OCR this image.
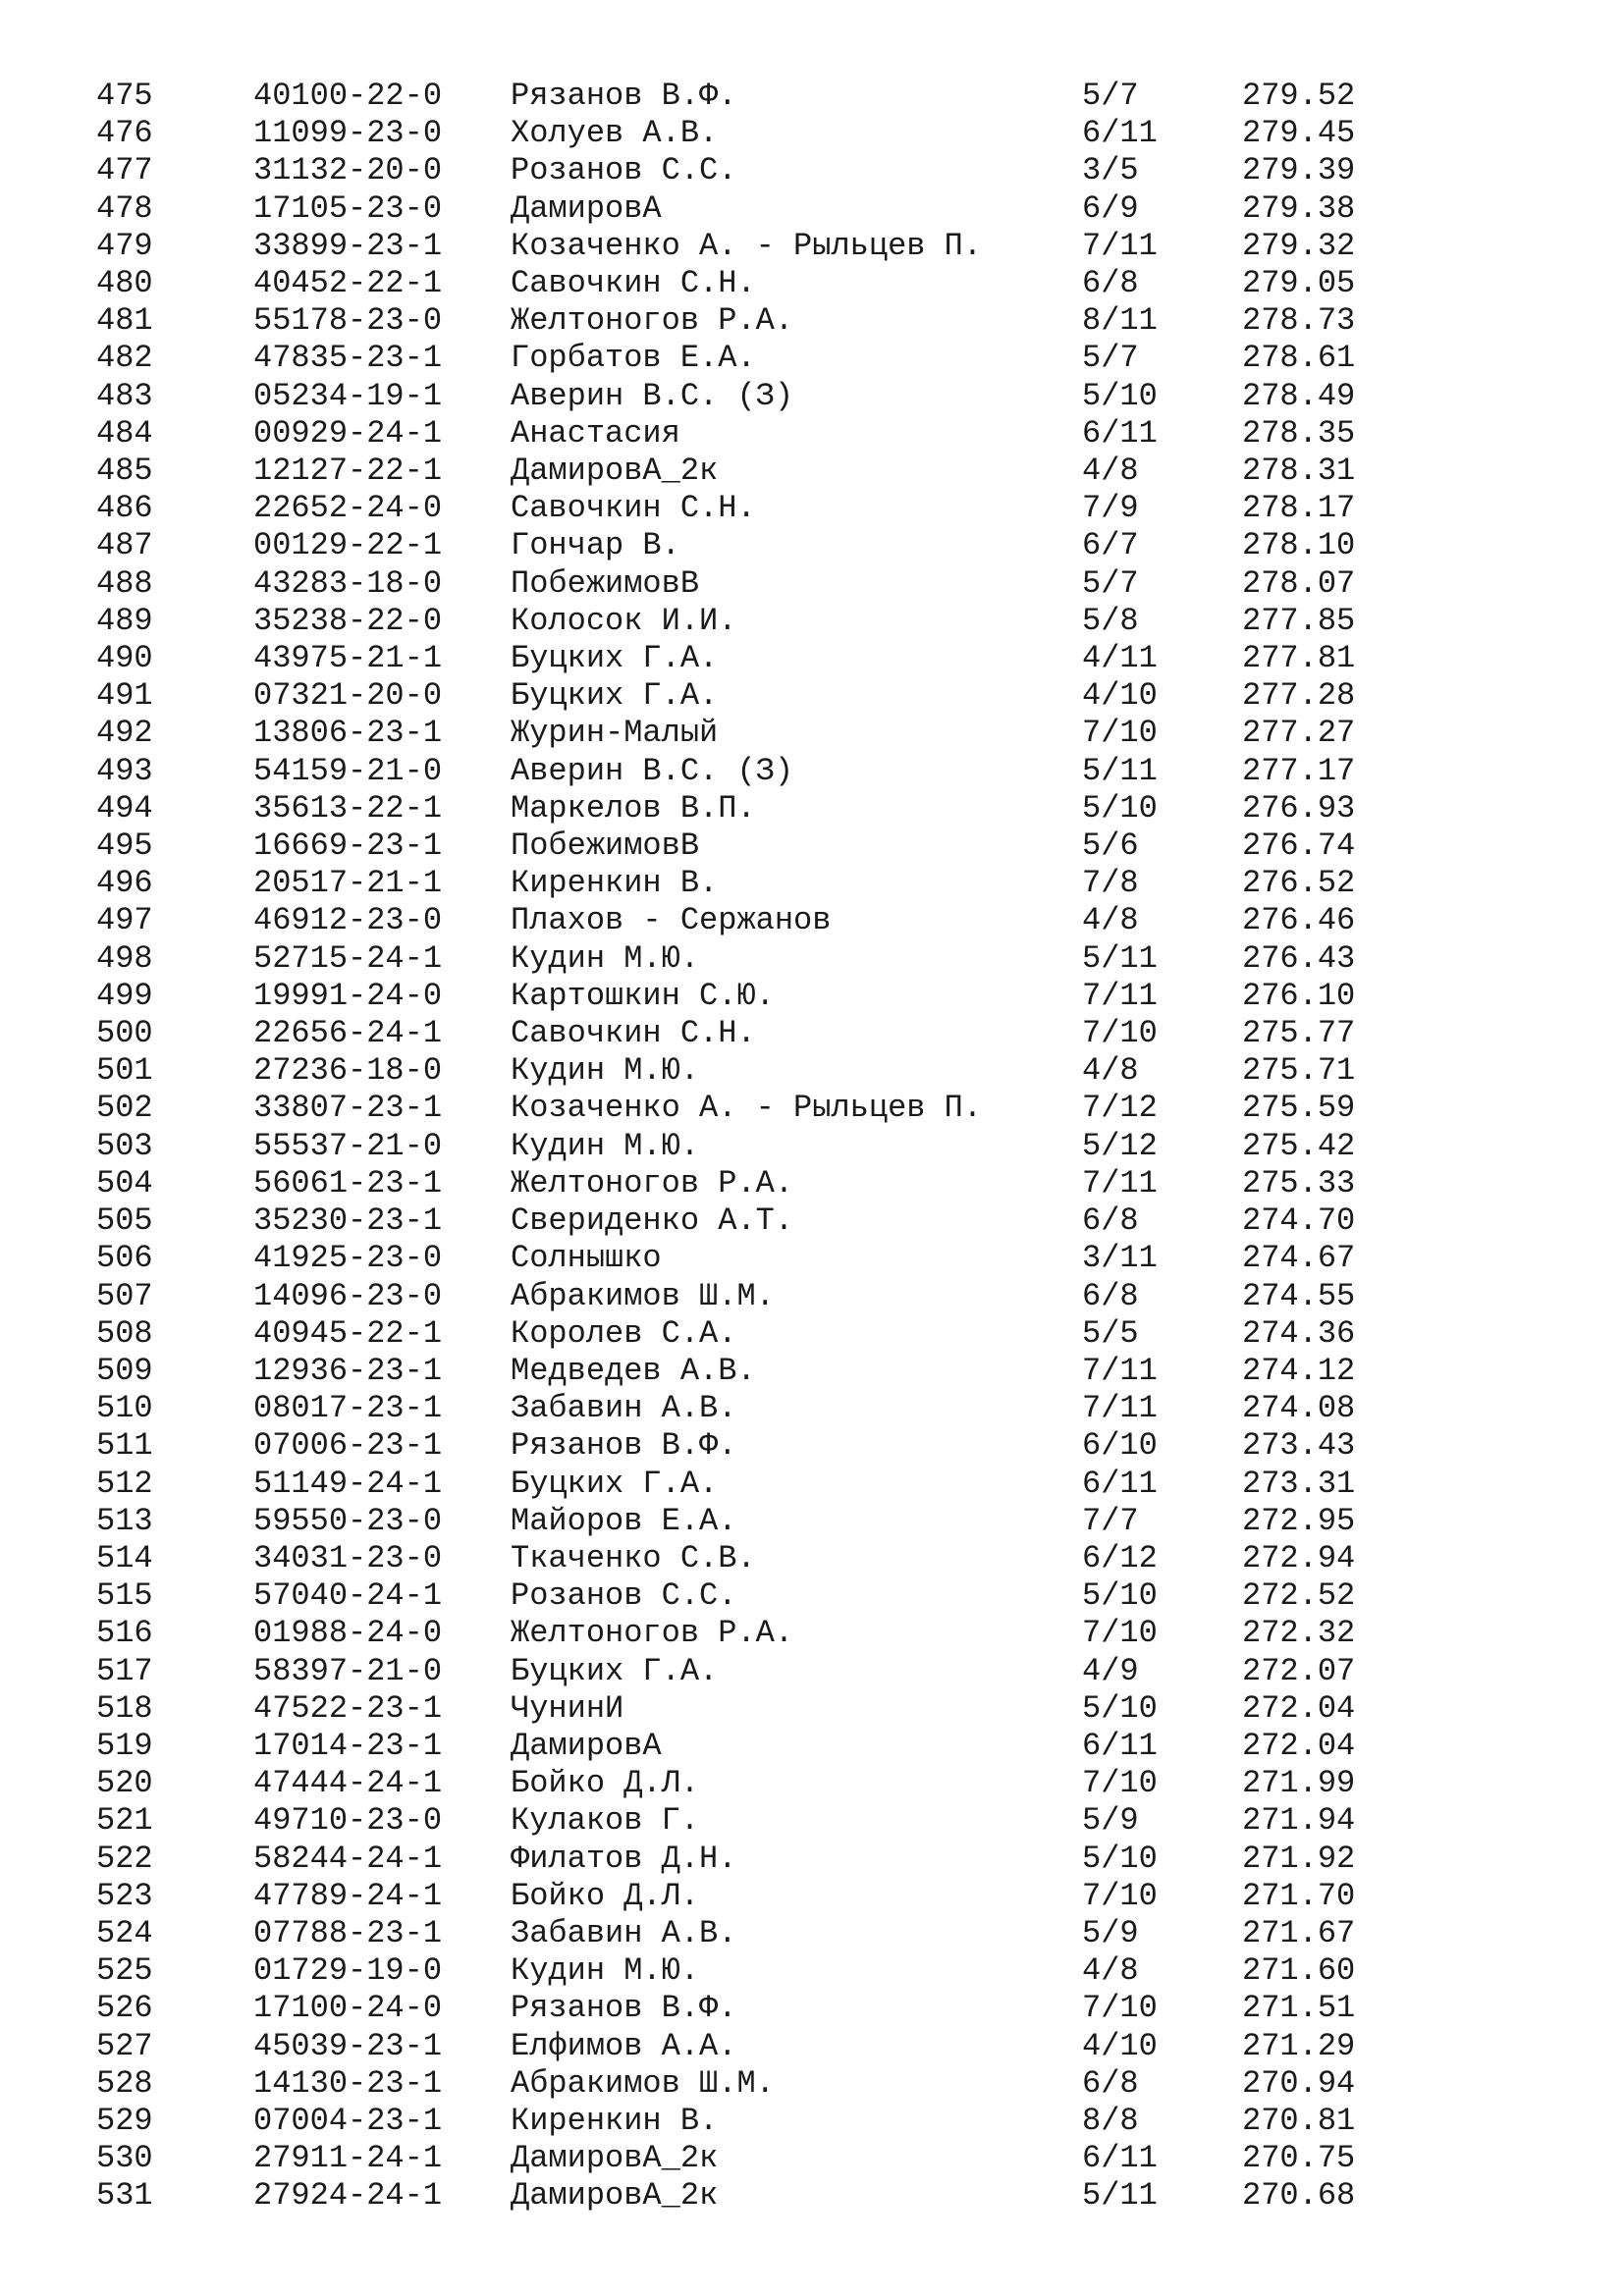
475	40100-22-0	Рязанов В.Ф.	5/7	279.52
476	11099-23-0	Холуев А.В.	6/11	279.45
477	31132-20-0	Розанов С.С.	3/5	279.39
478	17105-23-0	ДамировА	6/9	279.38
479	33899-23-1	Козаченко А. - Рыльцев П.	7/11	279.32
480	40452-22-1	Савочкин С.Н.	6/8	279.05
481	55178-23-0	Желтоногов Р.А.	8/11	278.73
482	47835-23-1	Горбатов Е.А.	5/7	278.61
483	05234-19-1	Аверин В.С. (З)	5/10	278.49
484	00929-24-1	Анастасия	6/11	278.35
485	12127-22-1	ДамировА_2к	4/8	278.31
486	22652-24-0	Савочкин С.Н.	7/9	278.17
487	00129-22-1	Гончар В.	6/7	278.10
488	43283-18-0	ПобежимовВ	5/7	278.07
489	35238-22-0	Колосок И.И.	5/8	277.85
490	43975-21-1	Буцких Г.А.	4/11	277.81
491	07321-20-0	Буцких Г.А.	4/10	277.28
492	13806-23-1	Журин-Малый	7/10	277.27
493	54159-21-0	Аверин В.С. (З)	5/11	277.17
494	35613-22-1	Маркелов В.П.	5/10	276.93
495	16669-23-1	ПобежимовВ	5/6	276.74
496	20517-21-1	Киренкин В.	7/8	276.52
497	46912-23-0	Плахов - Сержанов	4/8	276.46
498	52715-24-1	Кудин М.Ю.	5/11	276.43
499	19991-24-0	Картошкин С.Ю.	7/11	276.10
500	22656-24-1	Савочкин С.Н.	7/10	275.77
501	27236-18-0	Кудин М.Ю.	4/8	275.71
502	33807-23-1	Козаченко А. - Рыльцев П.	7/12	275.59
503	55537-21-0	Кудин М.Ю.	5/12	275.42
504	56061-23-1	Желтоногов Р.А.	7/11	275.33
505	35230-23-1	Свериденко А.Т.	6/8	274.70
506	41925-23-0	Солнышко	3/11	274.67
507	14096-23-0	Абракимов Ш.М.	6/8	274.55
508	40945-22-1	Королев С.А.	5/5	274.36
509	12936-23-1	Медведев А.В.	7/11	274.12
510	08017-23-1	Забавин А.В.	7/11	274.08
511	07006-23-1	Рязанов В.Ф.	6/10	273.43
512	51149-24-1	Буцких Г.А.	6/11	273.31
513	59550-23-0	Майоров Е.А.	7/7	272.95
514	34031-23-0	Ткаченко С.В.	6/12	272.94
515	57040-24-1	Розанов С.С.	5/10	272.52
516	01988-24-0	Желтоногов Р.А.	7/10	272.32
517	58397-21-0	Буцких Г.А.	4/9	272.07
518	47522-23-1	ЧунинИ	5/10	272.04
519	17014-23-1	ДамировА	6/11	272.04
520	47444-24-1	Бойко Д.Л.	7/10	271.99
521	49710-23-0	Кулаков Г.	5/9	271.94
522	58244-24-1	Филатов Д.Н.	5/10	271.92
523	47789-24-1	Бойко Д.Л.	7/10	271.70
524	07788-23-1	Забавин А.В.	5/9	271.67
525	01729-19-0	Кудин М.Ю.	4/8	271.60
526	17100-24-0	Рязанов В.Ф.	7/10	271.51
527	45039-23-1	Елфимов А.А.	4/10	271.29
528	14130-23-1	Абракимов Ш.М.	6/8	270.94
529	07004-23-1	Киренкин В.	8/8	270.81
530	27911-24-1	ДамировА_2к	6/11	270.75
531	27924-24-1	ДамировА_2к	5/11	270.68
